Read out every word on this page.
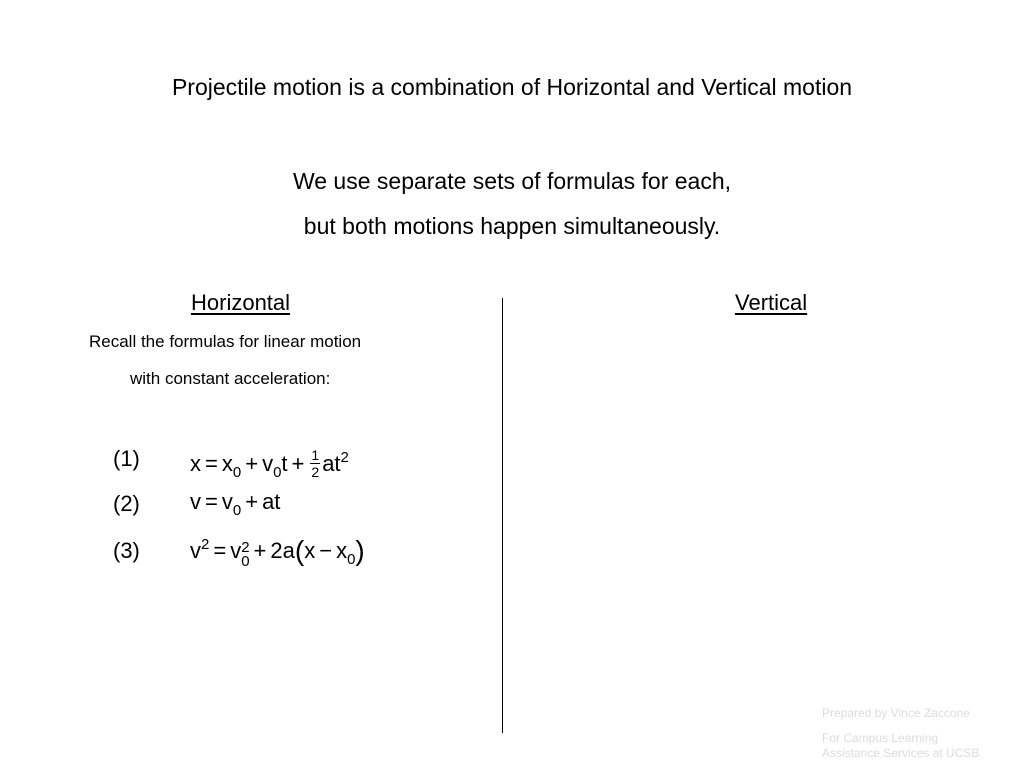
Projectile motion is a combination of Horizontal and Vertical motion
We use separate sets of formulas for each,
but both motions happen simultaneously.
Horizontal	Vertical
Recall the formulas for linear motion
with constant acceleration:
(1) $x = x_0 + v_0t + \frac{1}{2} at^2$
(2) $v = v_0$ + at
(3) $v^2 = v$ 2
$0 + 2a(x - x_0)$
Prepared by Vince Zaccone
For Campus Learning
Assistance Services at UCSB
